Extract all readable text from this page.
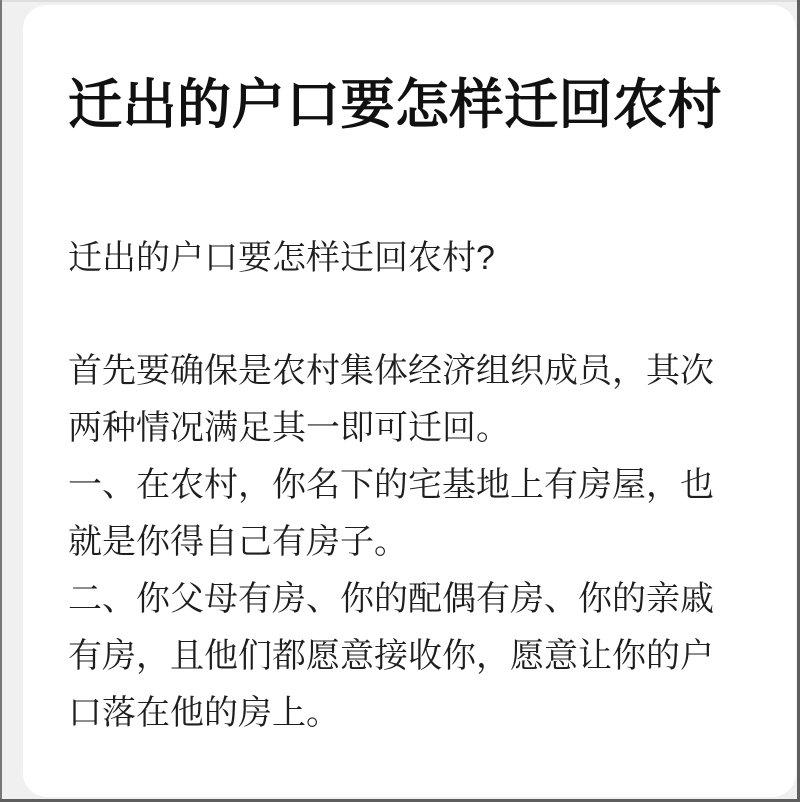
迁出的户口要怎样迁回农村
迁出的户口要怎样迁回农村?
首先要确保是农村集体经济组织成员，其次
两种情况满足其一即可迁回。
一、在农村，你名下的宅基地上有房屋，也
就是你得自己有房子。
二、你父母有房、你的配偶有房、你的亲戚
有房，且他们都愿意接收你，愿意让你的户
口落在他的房上。
